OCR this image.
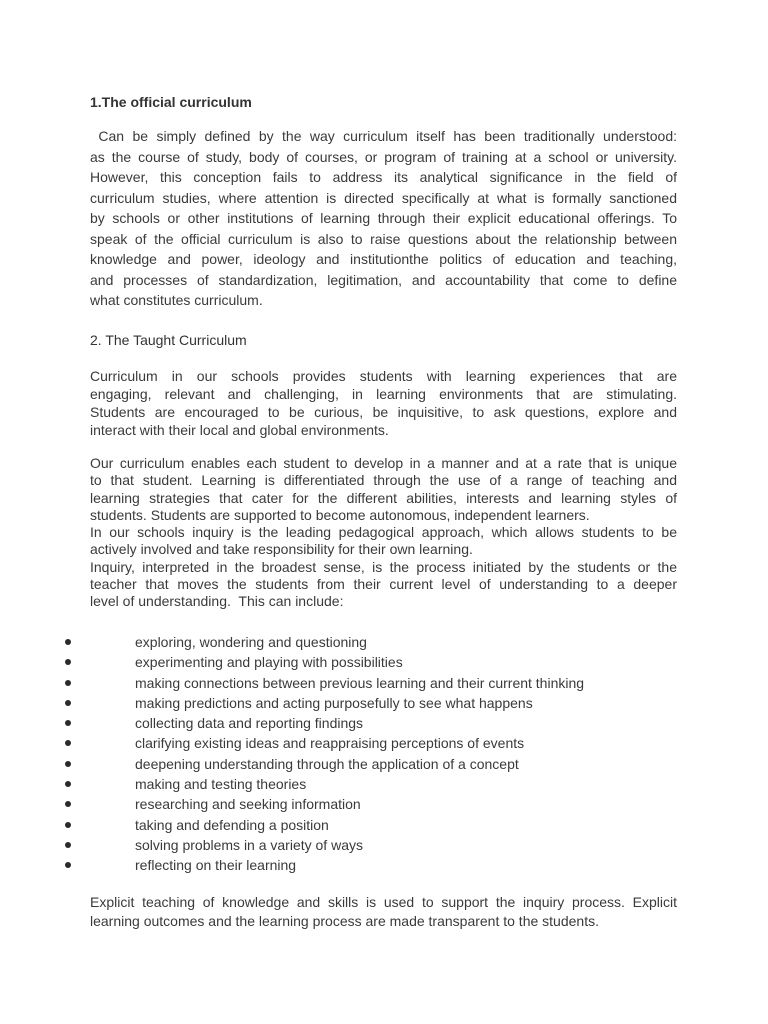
1.The official curriculum
Can be simply defined by the way curriculum itself has been traditionally understood:
as the course of study, body of courses, or program of training at a school or university.
However, this conception fails to address its analytical significance in the field of
curriculum studies, where attention is directed specifically at what is formally sanctioned
by schools or other institutions of learning through their explicit educational offerings. To
speak of the official curriculum is also to raise questions about the relationship between
knowledge and power, ideology and institutionthe politics of education and teaching,
and processes of standardization, legitimation, and accountability that come to define
what constitutes curriculum.
2. The Taught Curriculum
Curriculum in our schools provides students with learning experiences that are
engaging, relevant and challenging, in learning environments that are stimulating.
Students are encouraged to be curious, be inquisitive, to ask questions, explore and
interact with their local and global environments.
Our curriculum enables each student to develop in a manner and at a rate that is unique
to that student. Learning is differentiated through the use of a range of teaching and
learning strategies that cater for the different abilities, interests and learning styles of
students. Students are supported to become autonomous, independent learners.
In our schools inquiry is the leading pedagogical approach, which allows students to be
actively involved and take responsibility for their own learning.
Inquiry, interpreted in the broadest sense, is the process initiated by the students or the
teacher that moves the students from their current level of understanding to a deeper
level of understanding.  This can include:
exploring, wondering and questioning
experimenting and playing with possibilities
making connections between previous learning and their current thinking
making predictions and acting purposefully to see what happens
collecting data and reporting findings
clarifying existing ideas and reappraising perceptions of events
deepening understanding through the application of a concept
making and testing theories
researching and seeking information
taking and defending a position
solving problems in a variety of ways
reflecting on their learning
Explicit teaching of knowledge and skills is used to support the inquiry process. Explicit
learning outcomes and the learning process are made transparent to the students.
